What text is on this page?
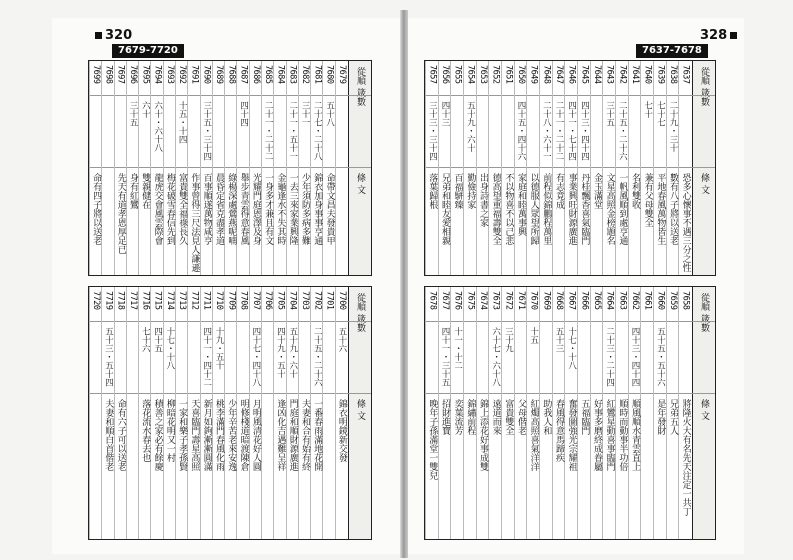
320
7679-7720
328
7637-7678
從順 箴數
條 文
7679
7680
五十八
命帶文昌夫發貴甲
7681
二十七・二十八
錦衣加身事事亨通
7682
三十一
少年須防多病多難
7683
二十一・五十一
一去三來家業興隆
7684
金龜逢水不失其時
7685
二十一・二十二
一身多才兼且有文
7686
光耀門庭恩澤及身
7687
四十四
舉步青雲得意春風
7688
綠楊深處鶯燕呢喃
7689
晨昏定省克盡孝道
7690
三十五・三十四
百事順遂萬物咸亨
7691
作事曾得三尺法見人謙遜
7692
十五・十四
富貴雙全福祿長久
7693
梅花破雪春信先到
7694
六十・六十八
龍虎交會風雲際會
7695
六十
雙親健在
7696
三十五
身有紅鸞
7697
先天有道孝恩厚足已
7698
7699
命有四子將以送老
從順 箴數
條 文
7700
五十六
錦衣明鏡新交發
7701
7702
二十五・二十六
一番春雨滿地花開
7703
夫妻和合有始有終
7704
五十九・六十
門庭和順財源廣進
7705
四十九・五十
逢凶化吉遇難呈祥
7706
7707
四十七・四十八
月明風清花好人圓
7708
明修棧道暗渡陳倉
7709
少年辛苦老來安逸
7710
十九・五十
桃李滿門春風化雨
7711
四十一・四十二
新月如鉤漸漸圓滿
7712
天喜臨門壽星高照
7713
一家和樂子孝孫賢
7714
十七・十八
柳暗花明又一村
7715
四十五
積善之家必有餘慶
7716
七十六
落花流水春去也
7717
7718
命有六子可以送老
7719
五十三・五十四
夫妻和順白首偕老
7720
從順 箴數
條 文
7637
恐多心懷事不遇三分之性
7638
二十九・三十
數有八子將以送老
7639
七十七
平地春風萬物皆生
7640
七十
兼有父母雙全
7641
名利雙收
7642
二十五・二十六
一帆風順到處亨通
7643
三十五
文星高照金榜題名
7644
金玉滿堂
7645
四十三・四十四
丹桂飄香喜氣臨門
7646
四十一・七十四
事業興旺財源廣進
7647
二十一・二十二
有志竟成
7648
二十八・六十一
前程似錦鵬程萬里
7649
以德服人眾望所歸
7650
四十五・四十六
家庭和睦萬事興
7651
不以物喜不以己悲
7652
德高望重福壽雙全
7653
出身詩書之家
7654
五十九・六十
勤儉持家
7655
百福駢臻
7656
四十三
兄弟和睦友愛相親
7657
三十三・三十四
落葉歸根
從順 箴數
條 文
7658
將隆火大有名先天注定一共丁
7659
兄弟五人
7660
五十五・五十六
是年發財
7661
7662
四十三・四十四
順風順水青雲直上
7663
順時而動事半功倍
7664
二十三・二十四
紅鸞星動喜事臨門
7665
好事多磨終成眷屬
7666
五福臨門
7667
十七・十八
奮發圖強光宗耀祖
7668
五十三
春風得意馬蹄疾
7669
助我人和
7670
十五
紅燭高照喜氣洋洋
7671
父母偕老
7672
三十九
富貴雙全
7673
六十七・六十八
遠道而來
7674
錦上添花好事成雙
7675
錦繡前程
7676
十一・十二
奕葉流芳
7677
四十一・三十五
招財進寶
7678
晚年子孫滿堂一雙兒
